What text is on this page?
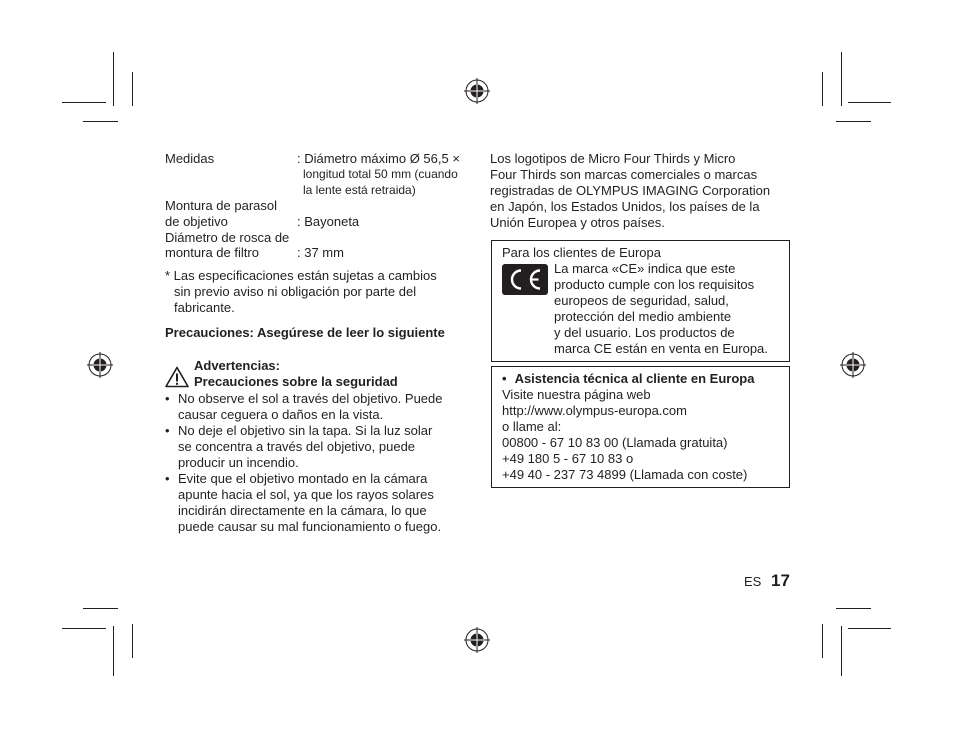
Medidas	: Diámetro máximo Ø 56,5 ×
longitud total 50 mm (cuando
la lente está retraida)
Montura de parasol
de objetivo	: Bayoneta
Diámetro de rosca de
montura de filtro	: 37 mm
* Las especificaciones están sujetas a cambios
sin previo aviso ni obligación por parte del
fabricante.
Precauciones: Asegúrese de leer lo siguiente
Advertencias:
Precauciones sobre la seguridad
• No observe el sol a través del objetivo. Puede
causar ceguera o daños en la vista.
• No deje el objetivo sin la tapa. Si la luz solar
se concentra a través del objetivo, puede
producir un incendio.
• Evite que el objetivo montado en la cámara
apunte hacia el sol, ya que los rayos solares
incidirán directamente en la cámara, lo que
puede causar su mal funcionamiento o fuego.
Los logotipos de Micro Four Thirds y Micro
Four Thirds son marcas comerciales o marcas
registradas de OLYMPUS IMAGING Corporation
en Japón, los Estados Unidos, los países de la
Unión Europea y otros países.
Para los clientes de Europa
La marca «CE» indica que este
producto cumple con los requisitos
europeos de seguridad, salud,
protección del medio ambiente
y del usuario. Los productos de
marca CE están en venta en Europa.
• Asistencia técnica al cliente en Europa
Visite nuestra página web
http://www.olympus-europa.com
o llame al:
00800 - 67 10 83 00 (Llamada gratuita)
+49 180 5 - 67 10 83 o
+49 40 - 237 73 4899 (Llamada con coste)
ES 17
